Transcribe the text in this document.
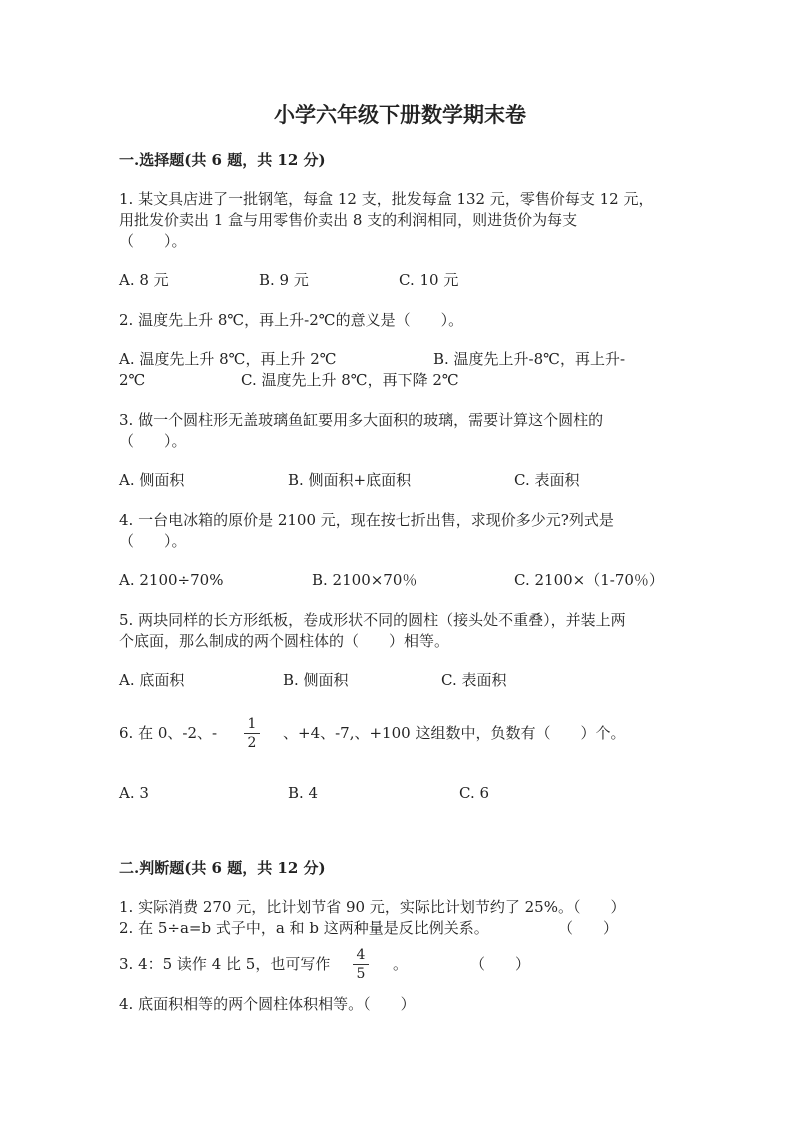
小学六年级下册数学期末卷
一.选择题(共 6 题，共 12 分)
1. 某文具店进了一批钢笔，每盒 12 支，批发每盒 132 元，零售价每支 12 元，
用批发价卖出 1 盒与用零售价卖出 8 支的利润相同，则进货价为每支
（　　）。
A. 8 元	B. 9 元	C. 10 元
2. 温度先上升 8℃，再上升-2℃的意义是（　　）。
A. 温度先上升 8℃，再上升 2℃	B. 温度先上升-8℃，再上升-
2℃	C. 温度先上升 8℃，再下降 2℃
3. 做一个圆柱形无盖玻璃鱼缸要用多大面积的玻璃，需要计算这个圆柱的
（　　）。
A. 侧面积	B. 侧面积+底面积	C. 表面积
4. 一台电冰箱的原价是 2100 元，现在按七折出售，求现价多少元?列式是
（　　）。
A. 2100÷70%	B. 2100×70％	C. 2100×（1-70％）
5. 两块同样的长方形纸板，卷成形状不同的圆柱（接头处不重叠），并装上两
个底面，那么制成的两个圆柱体的（　　）相等。
A. 底面积	B. 侧面积	C. 表面积
6. 在 0、-2、-	1
2
、+4、-7,、+100 这组数中，负数有（　　）个。
A. 3	B. 4	C. 6
二.判断题(共 6 题，共 12 分)
1. 实际消费 270 元，比计划节省 90 元，实际比计划节约了 25%。（　　）
2. 在 5÷a=b 式子中，a 和 b 这两种量是反比例关系。	（　　）
3. 4：5 读作 4 比 5，也可写作	4
5
。	（　　）
4. 底面积相等的两个圆柱体积相等。（　　）
